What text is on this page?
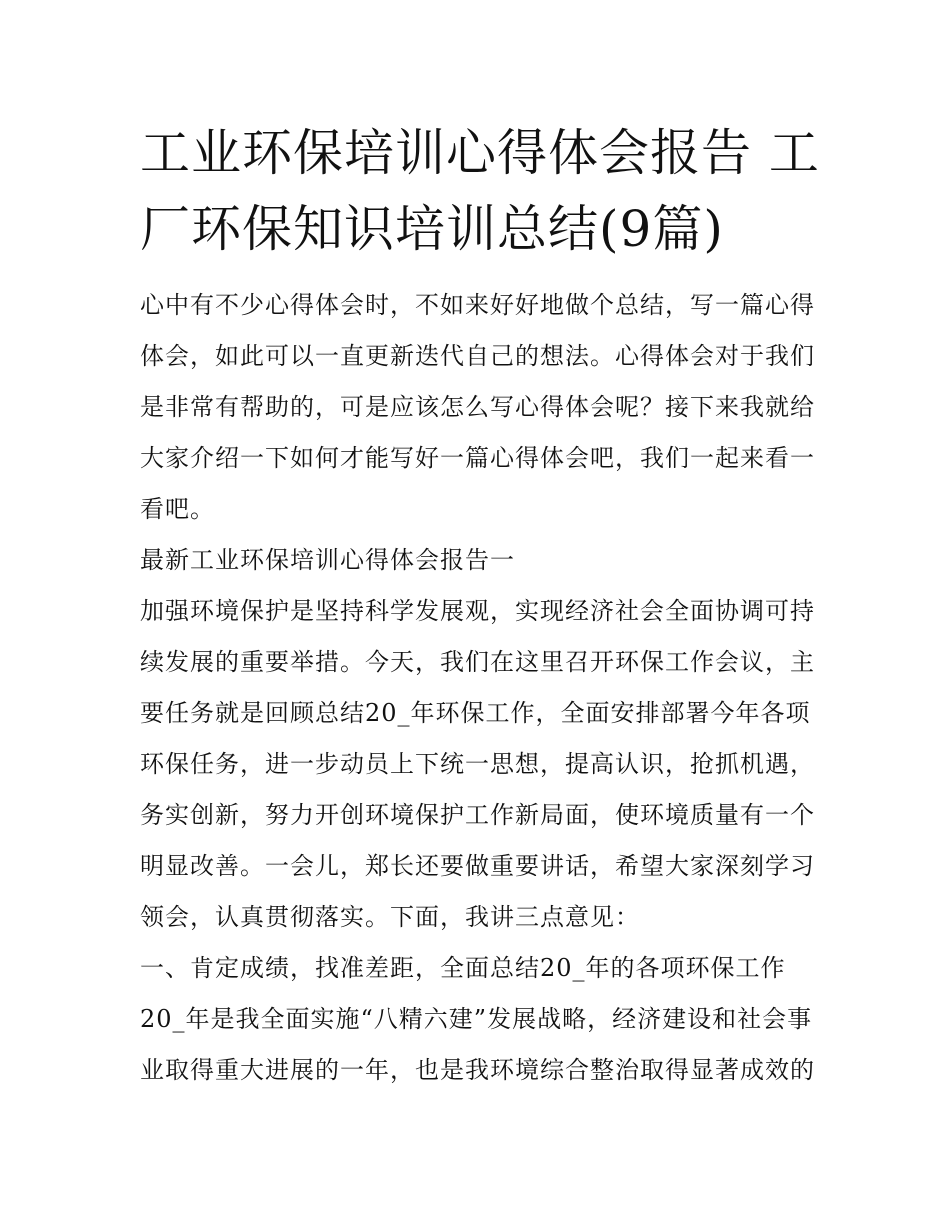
工业环保培训心得体会报告 工厂环保知识培训总结(9篇)

心中有不少心得体会时，不如来好好地做个总结，写一篇心得体会，如此可以一直更新迭代自己的想法。心得体会对于我们是非常有帮助的，可是应该怎么写心得体会呢？接下来我就给大家介绍一下如何才能写好一篇心得体会吧，我们一起来看一看吧。

最新工业环保培训心得体会报告一

加强环境保护是坚持科学发展观，实现经济社会全面协调可持续发展的重要举措。今天，我们在这里召开环保工作会议，主要任务就是回顾总结20_年环保工作，全面安排部署今年各项环保任务，进一步动员上下统一思想，提高认识，抢抓机遇，务实创新，努力开创环境保护工作新局面，使环境质量有一个明显改善。一会儿，郑长还要做重要讲话，希望大家深刻学习领会，认真贯彻落实。下面，我讲三点意见：

一、肯定成绩，找准差距，全面总结20_年的各项环保工作

20_年是我全面实施“八精六建”发展战略，经济建设和社会事业取得重大进展的一年，也是我环境综合整治取得显著成效的
